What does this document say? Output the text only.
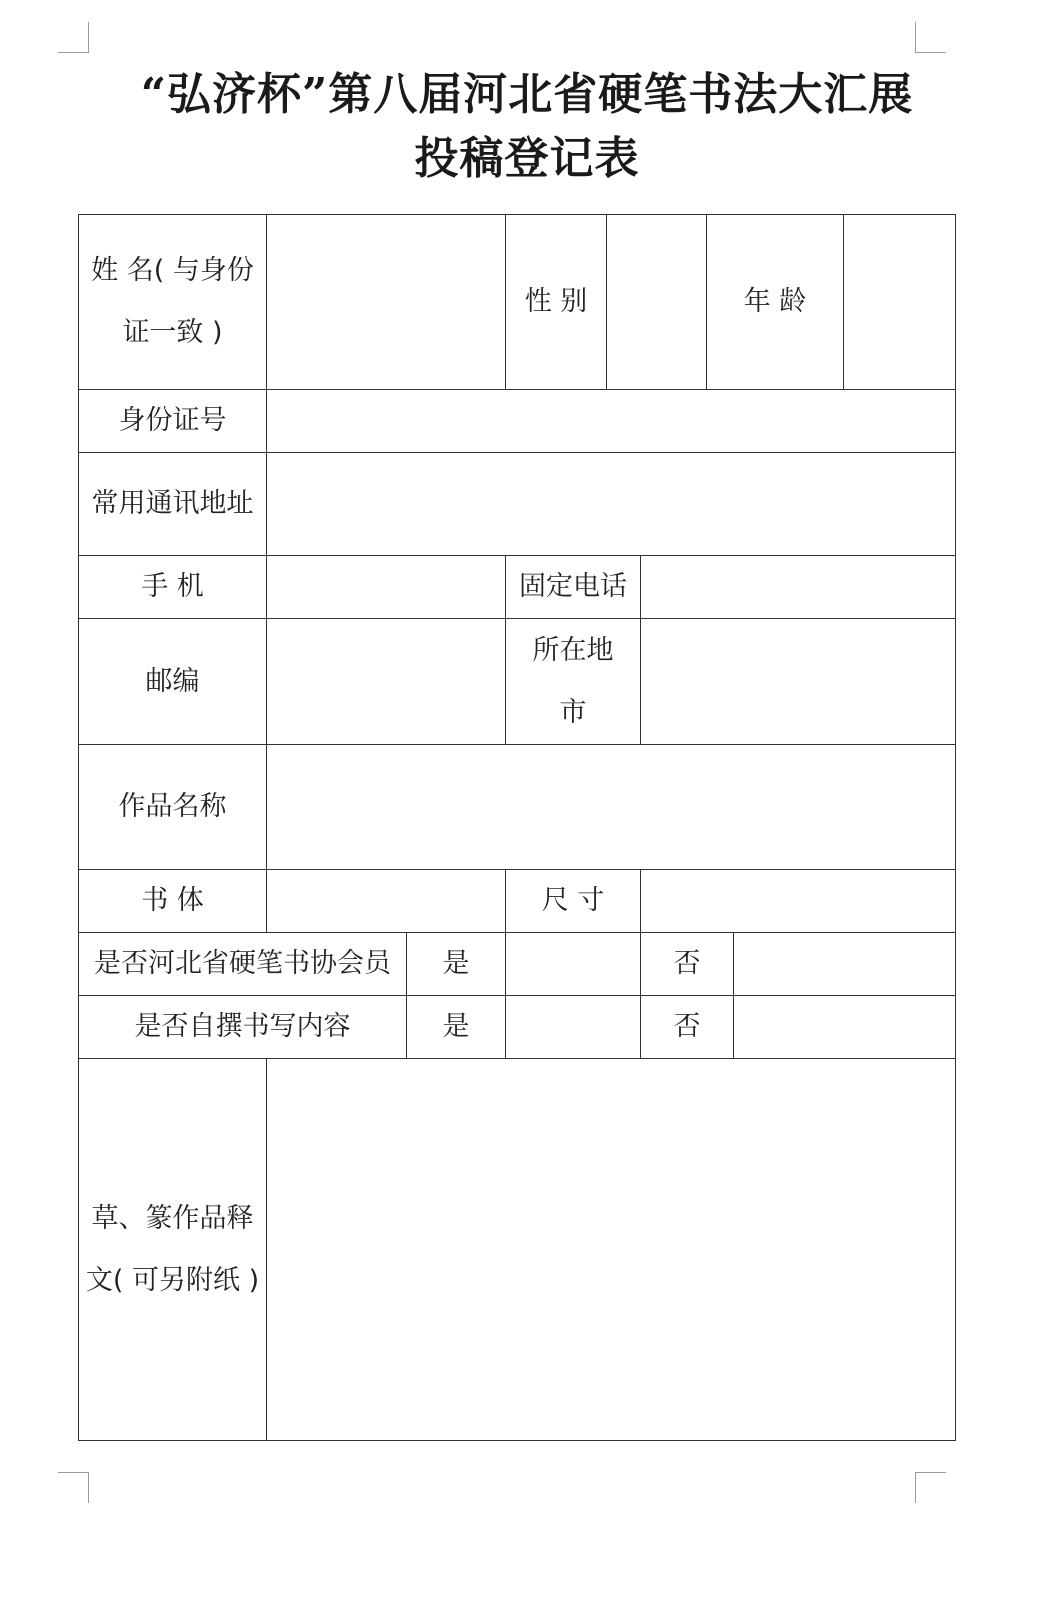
“弘济杯”第八届河北省硬笔书法大汇展
投稿登记表
姓 名( 与身份证一致 )			性 别			年 龄		
身份证号								
常用通讯地址								
手 机			固定电话					
邮编			所在地市					
作品名称								
书 体			尺 寸					
是否河北省硬笔书协会员		是			否			
是否自撰书写内容		是			否			
草、篆作品释文( 可另附纸 )								
